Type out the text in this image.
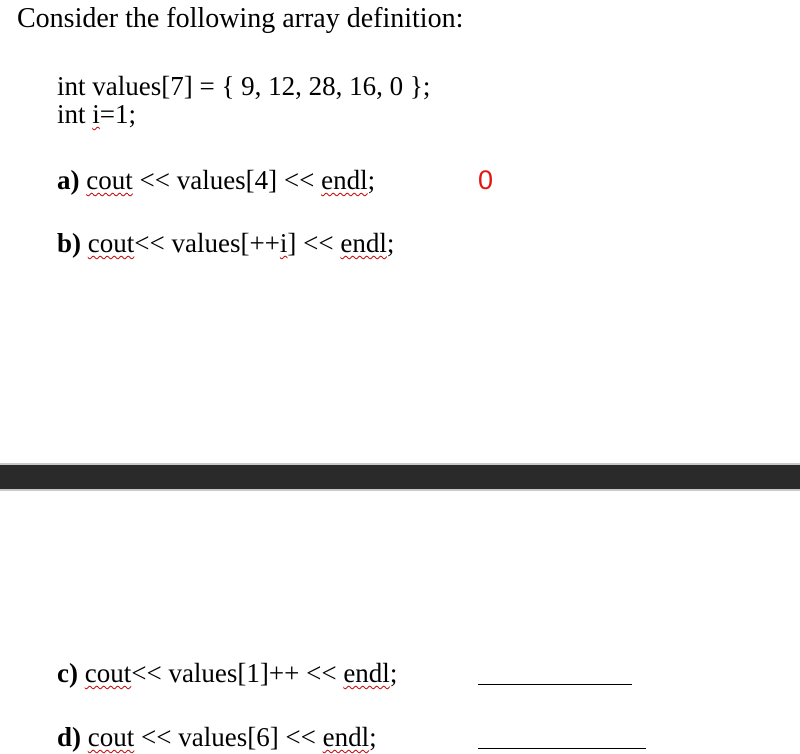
Consider the following array definition:
int values[7] = { 9, 12, 28, 16, 0 };
int i=1;
a) cout << values[4] << endl;	0
b) cout<< values[++i] << endl;
c) cout<< values[1]++ << endl;
d) cout << values[6] << endl;
